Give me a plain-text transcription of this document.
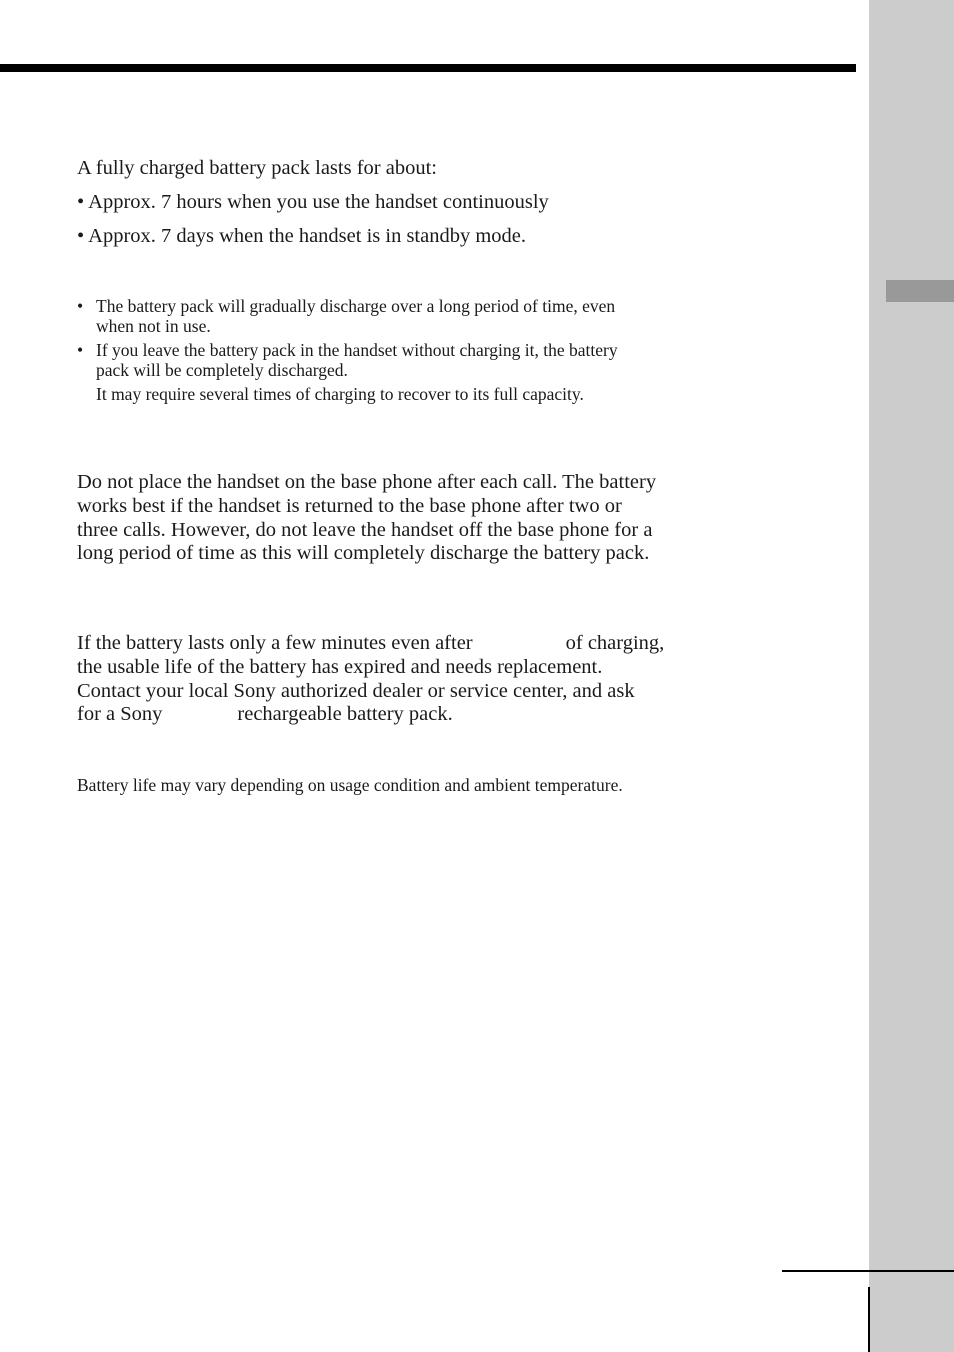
A fully charged battery pack lasts for about:
• Approx. 7 hours when you use the handset continuously
• Approx. 7 days when the handset is in standby mode.
• The battery pack will gradually discharge over a long period of time, even
when not in use.
• If you leave the battery pack in the handset without charging it, the battery
pack will be completely discharged.
It may require several times of charging to recover to its full capacity.
Do not place the handset on the base phone after each call. The battery
works best if the handset is returned to the base phone after two or
three calls. However, do not leave the handset off the base phone for a
long period of time as this will completely discharge the battery pack.
If the battery lasts only a few minutes even after	of charging,
the usable life of the battery has expired and needs replacement.
Contact your local Sony authorized dealer or service center, and ask
for a Sony	rechargeable battery pack.
Battery life may vary depending on usage condition and ambient temperature.
